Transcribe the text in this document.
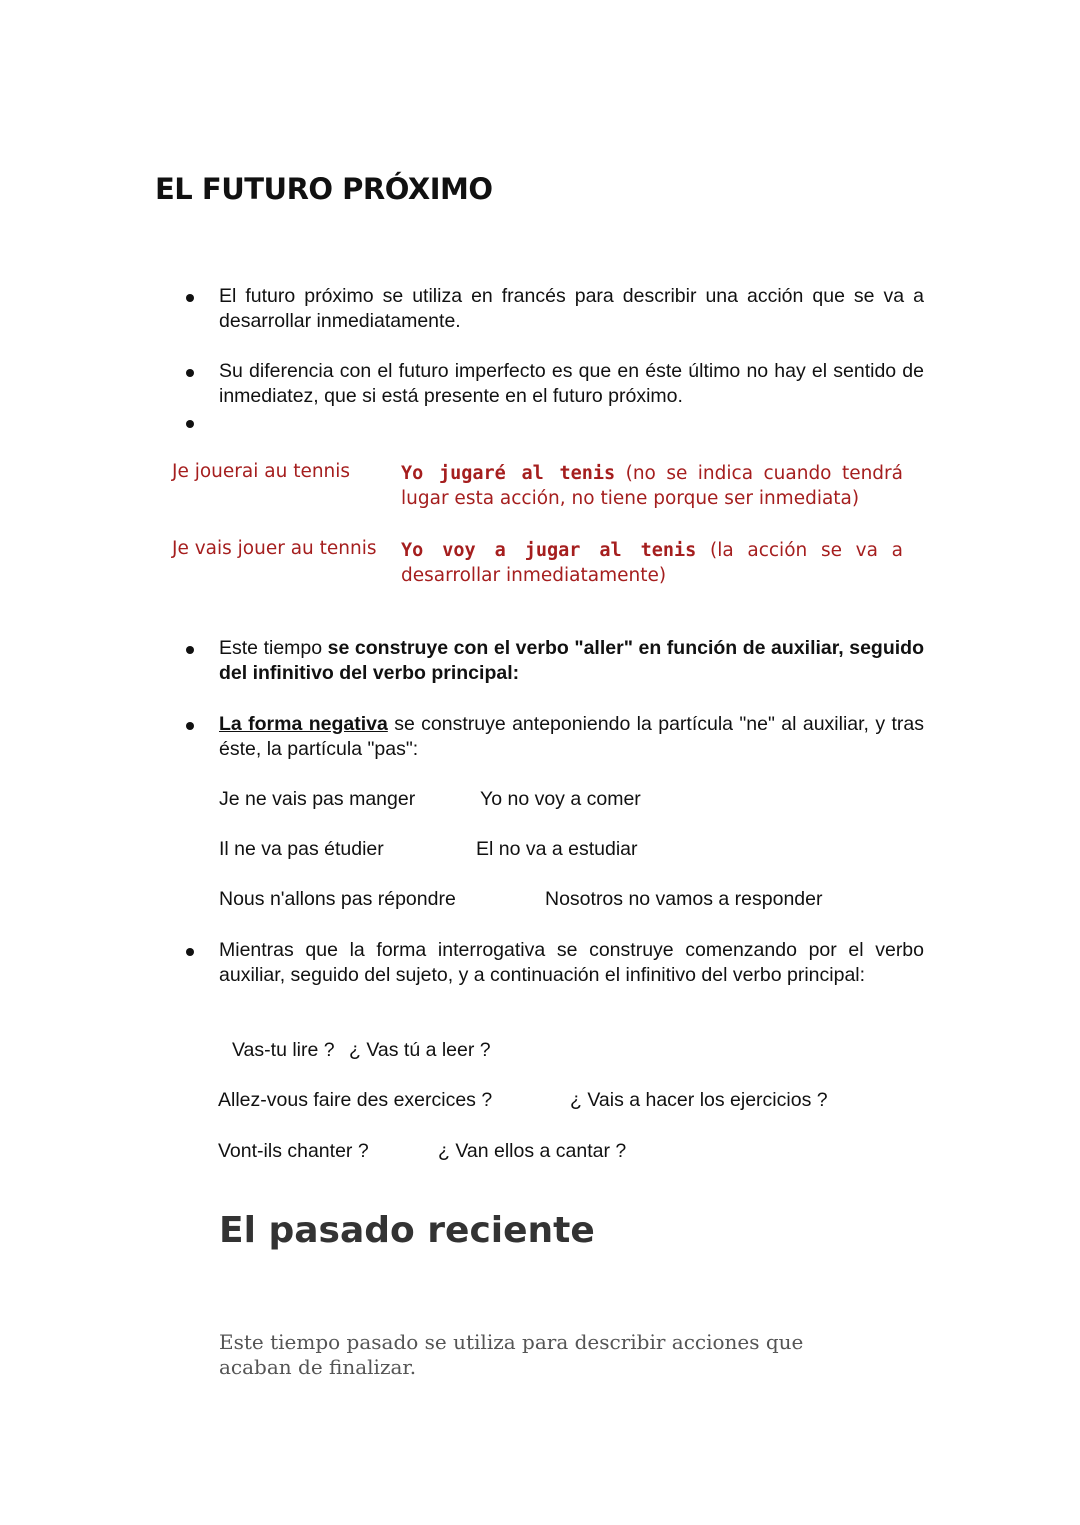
EL FUTURO PRÓXIMO

El futuro próximo se utiliza en francés para describir una acción que se va a desarrollar inmediatamente.

Su diferencia con el futuro imperfecto es que en éste último no hay el sentido de inmediatez, que si está presente en el futuro próximo.

Je jouerai au tennis	Yo jugaré al tenis (no se indica cuando tendrá lugar esta acción, no tiene porque ser inmediata)
Je vais jouer au tennis Yo voy a jugar al tenis (la acción se va a desarrollar inmediatamente)

Este tiempo se construye con el verbo "aller" en función de auxiliar, seguido del infinitivo del verbo principal:

La forma negativa se construye anteponiendo la partícula "ne" al auxiliar, y tras éste, la partícula "pas":

Je ne vais pas manger	Yo no voy a comer
Il ne va pas étudier	El no va a estudiar
Nous n'allons pas répondre	Nosotros no vamos a responder

Mientras que la forma interrogativa se construye comenzando por el verbo auxiliar, seguido del sujeto, y a continuación el infinitivo del verbo principal:

Vas-tu lire ? ¿ Vas tú a leer ?
Allez-vous faire des exercices ?	¿ Vais a hacer los ejercicios ?
Vont-ils chanter ?	¿ Van ellos a cantar ?
El pasado reciente

Este tiempo pasado se utiliza para describir acciones que acaban de finalizar.
